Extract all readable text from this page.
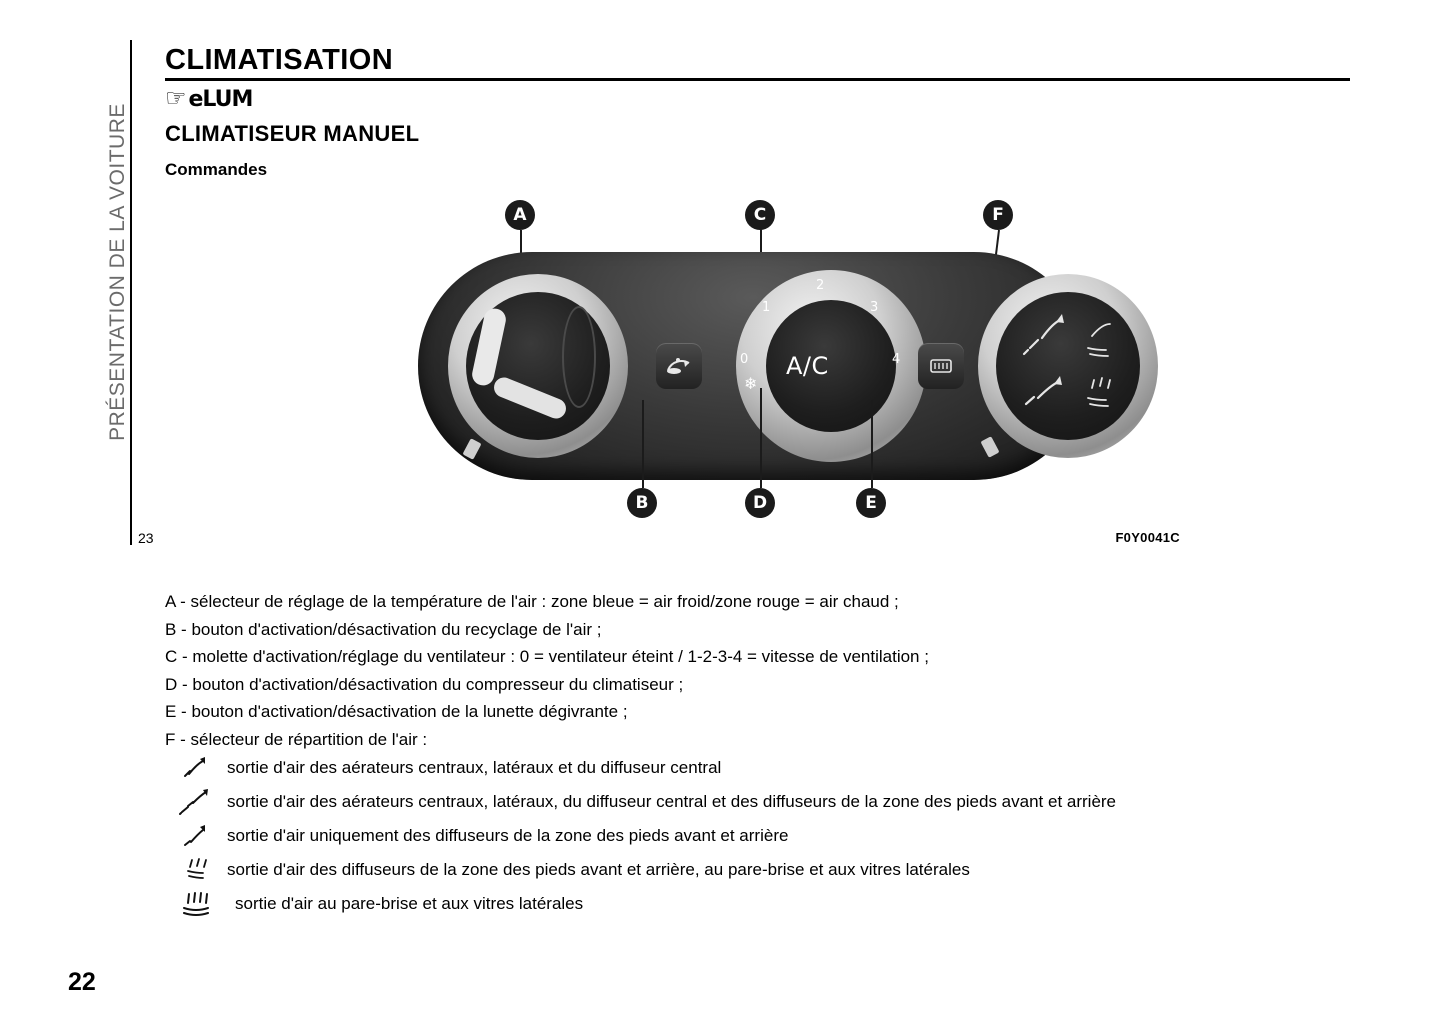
PRÉSENTATION DE LA VOITURE
CLIMATISATION
☞ eLUM
CLIMATISEUR MANUEL
Commandes
A	C	F
A/C
0
1
2
3
4
❄
B	D	E
23	F0Y0041C
A - sélecteur de réglage de la température de l'air : zone bleue = air froid/zone rouge = air chaud ;
B - bouton d'activation/désactivation du recyclage de l'air ;
C - molette d'activation/réglage du ventilateur : 0 = ventilateur éteint / 1-2-3-4 = vitesse de ventilation ;
D - bouton d'activation/désactivation du compresseur du climatiseur ;
E - bouton d'activation/désactivation de la lunette dégivrante ;
F - sélecteur de répartition de l'air :
sortie d'air des aérateurs centraux, latéraux et du diffuseur central
sortie d'air des aérateurs centraux, latéraux, du diffuseur central et des diffuseurs de la zone des pieds avant et arrière
sortie d'air uniquement des diffuseurs de la zone des pieds avant et arrière
sortie d'air des diffuseurs de la zone des pieds avant et arrière, au pare-brise et aux vitres latérales
sortie d'air au pare-brise et aux vitres latérales
22
